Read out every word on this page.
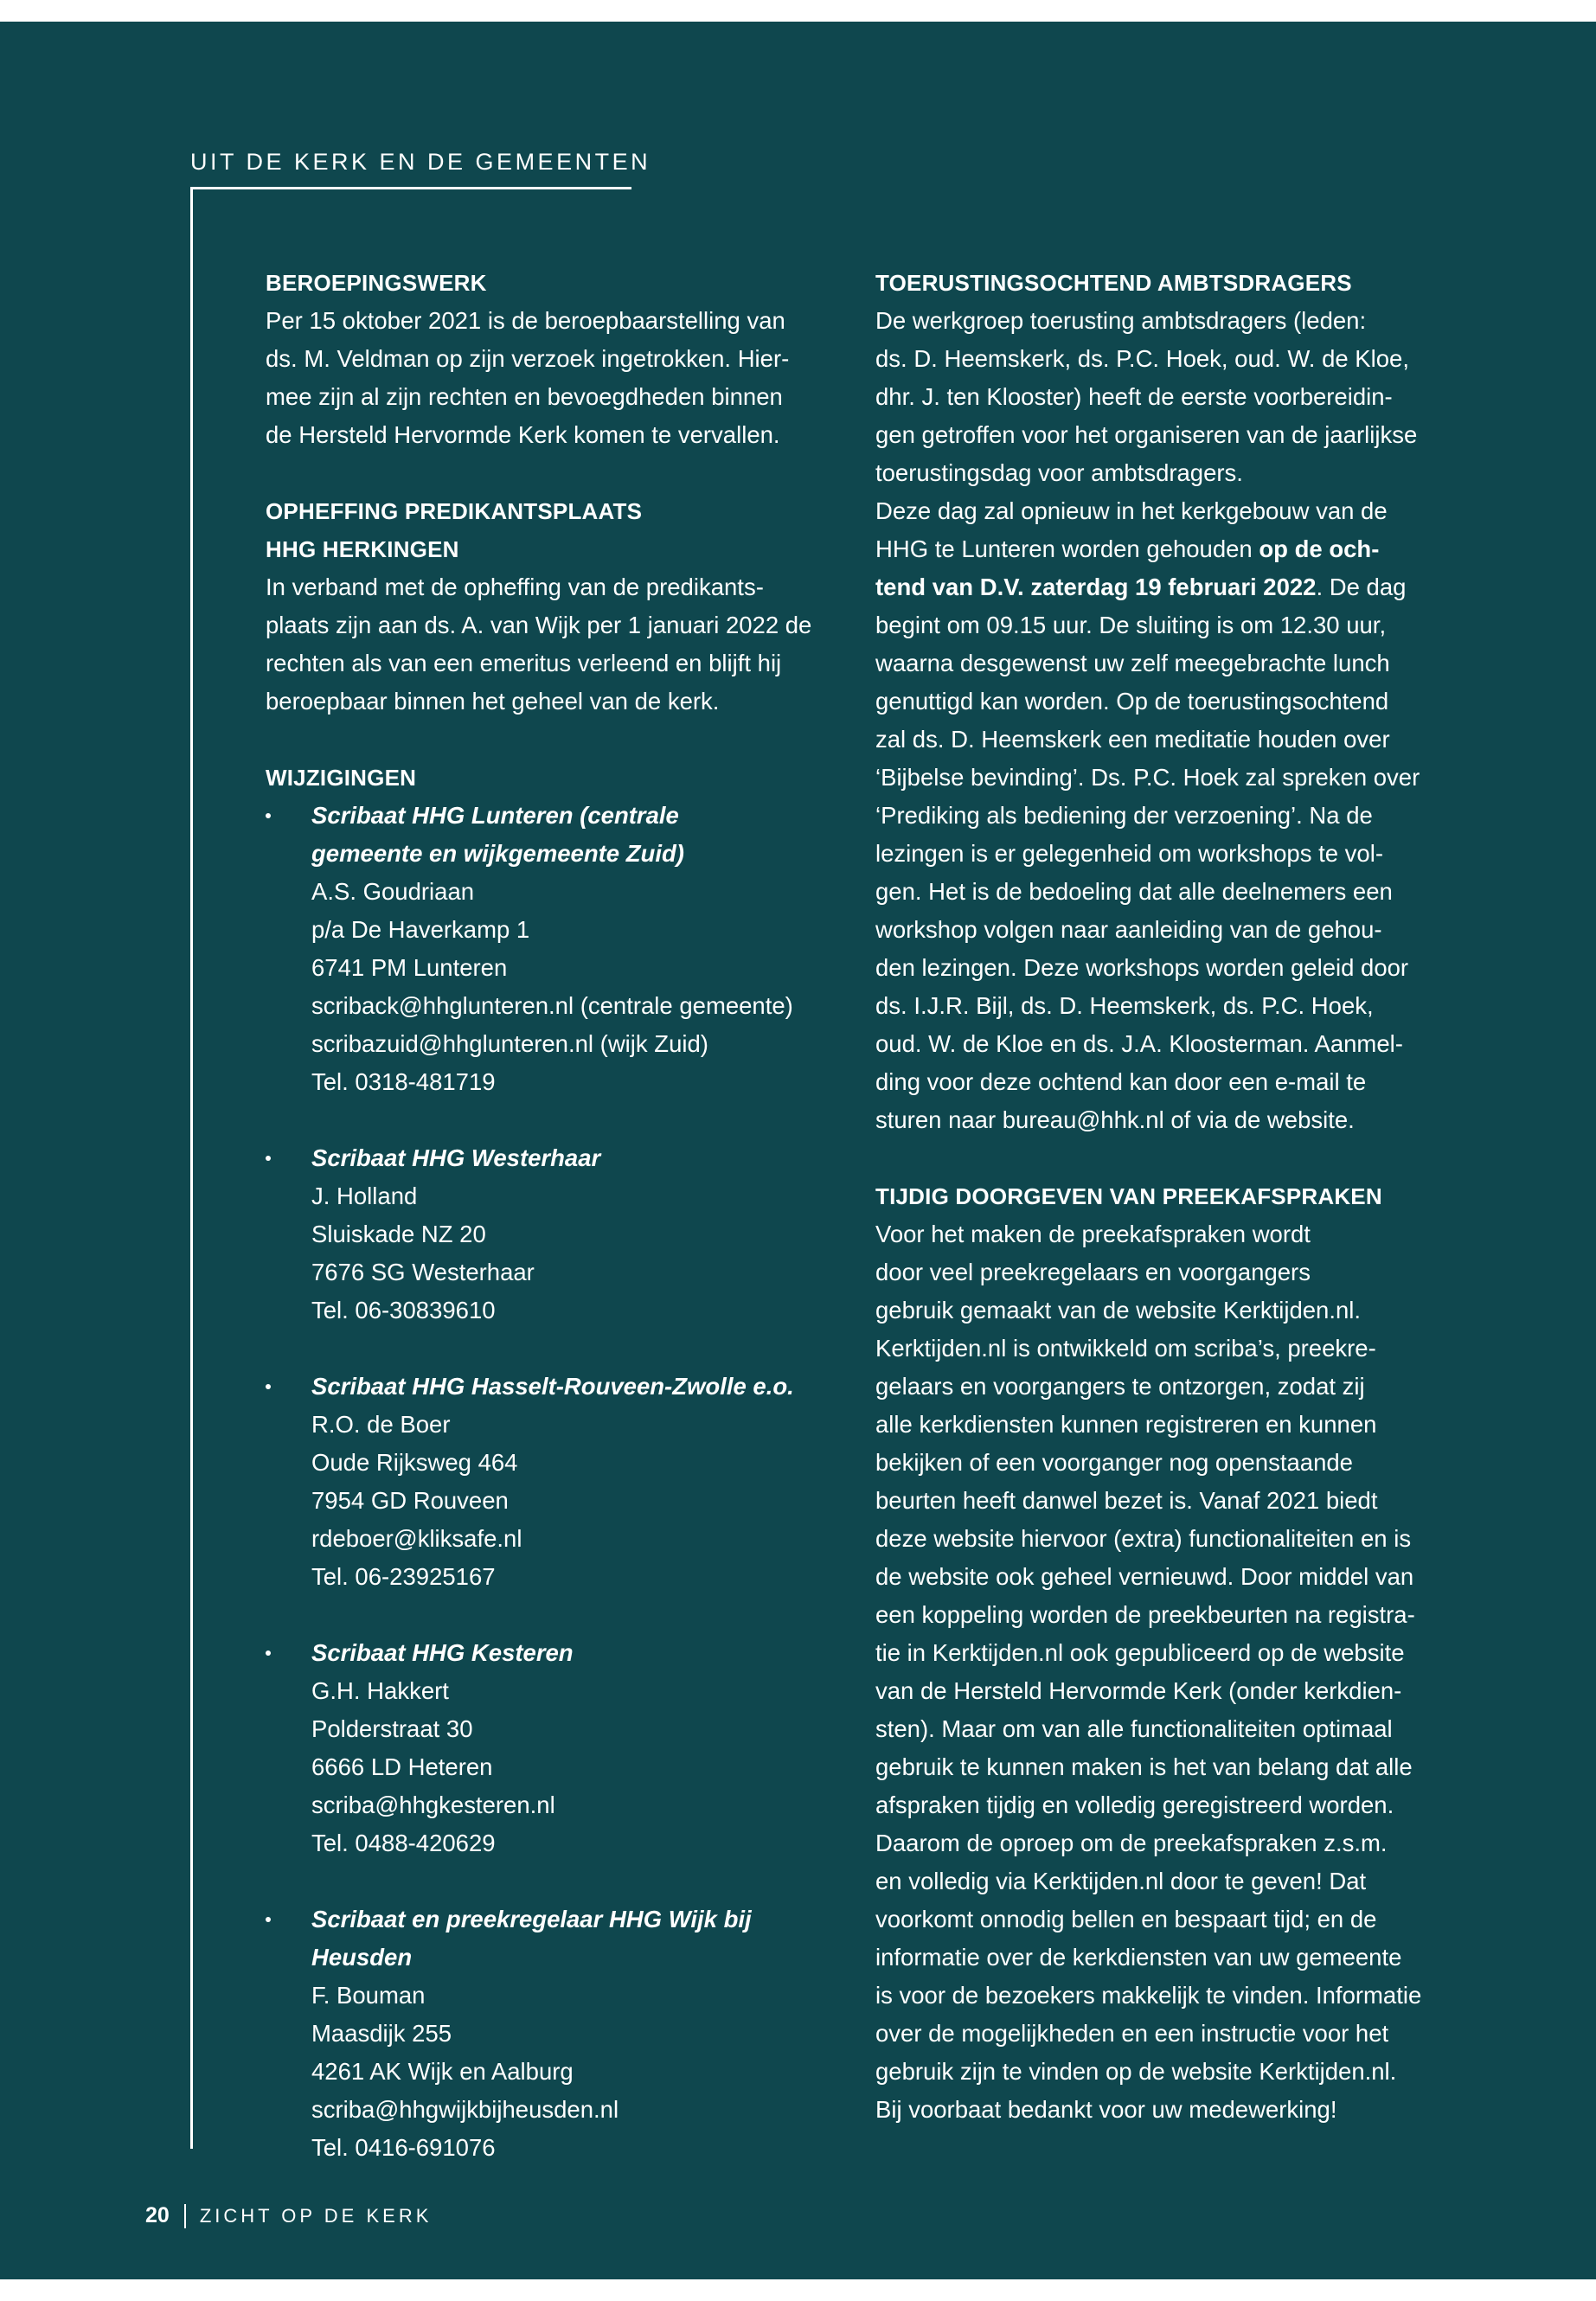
UIT DE KERK EN DE GEMEENTEN
BEROEPINGSWERK

Per 15 oktober 2021 is de beroepbaarstelling van
ds. M. Veldman op zijn verzoek ingetrokken. Hier-
mee zijn al zijn rechten en bevoegdheden binnen
de Hersteld Hervormde Kerk komen te vervallen.

OPHEFFING PREDIKANTSPLAATS
HHG HERKINGEN

In verband met de opheffing van de predikants-
plaats zijn aan ds. A. van Wijk per 1 januari 2022 de
rechten als van een emeritus verleend en blijft hij
beroepbaar binnen het geheel van de kerk.

WIJZIGINGEN
Scribaat HHG Lunteren (centrale
gemeente en wijkgemeente Zuid)
A.S. Goudriaan
p/a De Haverkamp 1
6741 PM Lunteren
scriback@hhglunteren.nl (centrale gemeente)
scribazuid@hhglunteren.nl (wijk Zuid)
Tel. 0318-481719
Scribaat HHG Westerhaar
J. Holland
Sluiskade NZ 20
7676 SG Westerhaar
Tel. 06-30839610
Scribaat HHG Hasselt-Rouveen-Zwolle e.o.
R.O. de Boer
Oude Rijksweg 464
7954 GD Rouveen
rdeboer@kliksafe.nl
Tel. 06-23925167
Scribaat HHG Kesteren
G.H. Hakkert
Polderstraat 30
6666 LD Heteren
scriba@hhgkesteren.nl
Tel. 0488-420629
Scribaat en preekregelaar HHG Wijk bij Heusden
F. Bouman
Maasdijk 255
4261 AK Wijk en Aalburg
scriba@hhgwijkbijheusden.nl
Tel. 0416-691076
TOERUSTINGSOCHTEND AMBTSDRAGERS

De werkgroep toerusting ambtsdragers (leden:
ds. D. Heemskerk, ds. P.C. Hoek, oud. W. de Kloe,
dhr. J. ten Klooster) heeft de eerste voorbereidin-
gen getroffen voor het organiseren van de jaarlijkse
toerustingsdag voor ambtsdragers.
Deze dag zal opnieuw in het kerkgebouw van de
HHG te Lunteren worden gehouden op de och-
tend van D.V. zaterdag 19 februari 2022. De dag
begint om 09.15 uur. De sluiting is om 12.30 uur,
waarna desgewenst uw zelf meegebrachte lunch
genuttigd kan worden. Op de toerustingsochtend
zal ds. D. Heemskerk een meditatie houden over
‘Bijbelse bevinding’. Ds. P.C. Hoek zal spreken over
‘Prediking als bediening der verzoening’. Na de
lezingen is er gelegenheid om workshops te vol-
gen. Het is de bedoeling dat alle deelnemers een
workshop volgen naar aanleiding van de gehou-
den lezingen. Deze workshops worden geleid door
ds. I.J.R. Bijl, ds. D. Heemskerk, ds. P.C. Hoek,
oud. W. de Kloe en ds. J.A. Kloosterman. Aanmel-
ding voor deze ochtend kan door een e-mail te
sturen naar bureau@hhk.nl of via de website.

TIJDIG DOORGEVEN VAN PREEKAFSPRAKEN

Voor het maken de preekafspraken wordt
door veel preekregelaars en voorgangers
gebruik gemaakt van de website Kerktijden.nl.
Kerktijden.nl is ontwikkeld om scriba’s, preekre-
gelaars en voorgangers te ontzorgen, zodat zij
alle kerkdiensten kunnen registreren en kunnen
bekijken of een voorganger nog openstaande
beurten heeft danwel bezet is. Vanaf 2021 biedt
deze website hiervoor (extra) functionaliteiten en is
de website ook geheel vernieuwd. Door middel van
een koppeling worden de preekbeurten na registra-
tie in Kerktijden.nl ook gepubliceerd op de website
van de Hersteld Hervormde Kerk (onder kerkdien-
sten). Maar om van alle functionaliteiten optimaal
gebruik te kunnen maken is het van belang dat alle
afspraken tijdig en volledig geregistreerd worden.
Daarom de oproep om de preekafspraken z.s.m.
en volledig via Kerktijden.nl door te geven! Dat
voorkomt onnodig bellen en bespaart tijd; en de
informatie over de kerkdiensten van uw gemeente
is voor de bezoekers makkelijk te vinden. Informatie
over de mogelijkheden en een instructie voor het
gebruik zijn te vinden op de website Kerktijden.nl.
Bij voorbaat bedankt voor uw medewerking!

20 ZICHT OP DE KERK
